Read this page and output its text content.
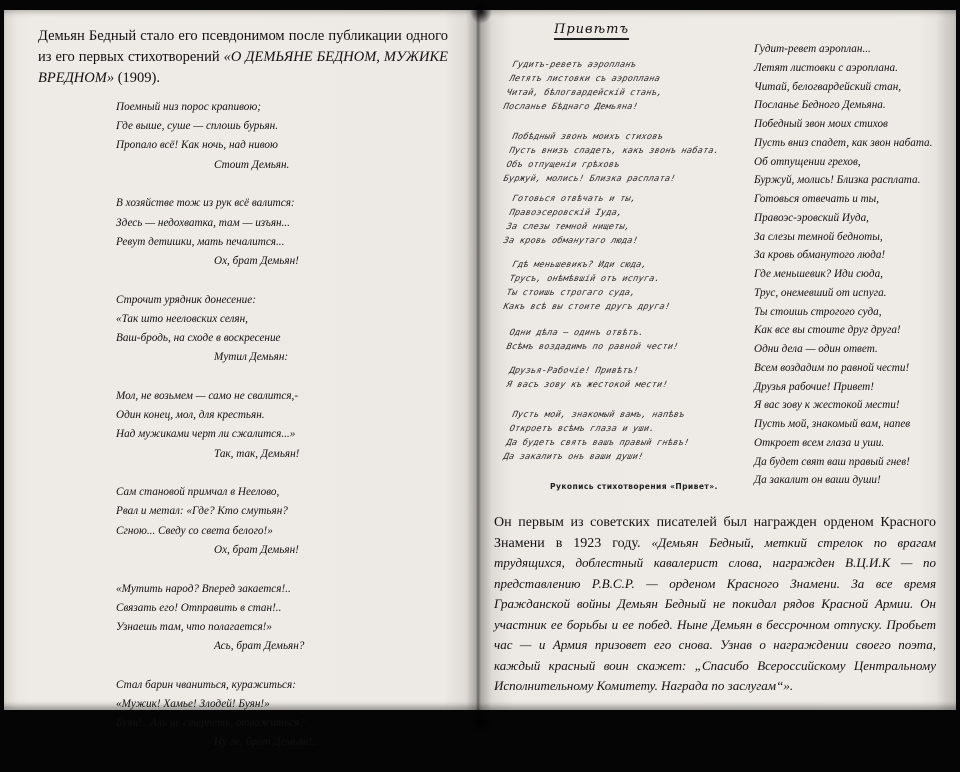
Демьян Бедный стало его псевдонимом после публикации одного из его первых стихотворений «О ДЕМЬЯНЕ БЕДНОМ, МУЖИКЕ ВРЕДНОМ» (1909).

Поемный низ порос крапивою;
Где выше, суше — сплошь бурьян.
Пропало всё! Как ночь, над нивою
Стоит Демьян.
В хозяйстве тож из рук всё валится:
Здесь — недохватка, там — изъян...
Ревут детишки, мать печалится...
Ох, брат Демьян!
Строчит урядник донесение:
«Так што нееловских селян,
Ваш-бродь, на сходе в воскресение
Мутил Демьян:
Мол, не возьмем — само не свалится,-
Один конец, мол, для крестьян.
Над мужиками черт ли сжалится...»
Так, так, Демьян!
Сам становой примчал в Неелово,
Рвал и метал: «Где? Кто смутьян?
Сгною... Сведу со света белого!»
Ох, брат Демьян!
«Мутить народ? Вперед закается!..
Связать его! Отправить в стан!..
Узнаешь там, что полагается!»
Ась, брат Демьян?
Стал барин чваниться, куражиться:
«Мужик! Хамье! Злодей! Буян!»
Буян!.. Аль не стерпеть, отважиться?
Ну ж, брат Демьян!..
Привѣтъ
Гудитъ-реветъ аэропланъ
Летятъ листовки съ аэроплана
Читай, бѣлогвардейскій станъ,
Посланье Бѣднаго Демьяна!
Побѣдный звонъ моихъ стиховъ
Пусть внизъ спадетъ, какъ звонъ набата.
Объ отпущеніи грѣховъ
Буржуй, молись! Близка расплата!
Готовься отвѣчать и ты,
Правоэсеровскій Іуда,
За слезы темной нищеты,
За кровь обманутаго люда!
Гдѣ меньшевикъ? Иди сюда,
Трусъ, онѣмѣвшій отъ испуга.
Ты стоишь строгаго суда,
Какъ всѣ вы стоите другъ друга!
Одни дѣла — одинъ отвѣтъ.
Всѣмъ воздадимъ по равной чести!
Друзья-Рабочіе! Привѣтъ!
Я васъ зову къ жестокой мести!
Пусть мой, знакомый вамъ, напѣвъ
Откроетъ всѣмъ глаза и уши.
Да будетъ святъ вашъ правый гнѣвъ!
Да закалитъ онъ ваши души!
Рукопись стихотворения «Привет».
Гудит-ревет аэроплан...
Летят листовки с аэроплана.
Читай, белогвардейский стан,
Посланье Бедного Демьяна.
Победный звон моих стихов
Пусть вниз спадет, как звон набата.
Об отпущении грехов,
Буржуй, молись! Близка расплата.
Готовься отвечать и ты,
Правоэс-эровский Иуда,
За слезы темной бедноты,
За кровь обманутого люда!
Где меньшевик? Иди сюда,
Трус, онемевший от испуга.
Ты стоишь строгого суда,
Как все вы стоите друг друга!
Одни дела — один ответ.
Всем воздадим по равной чести!
Друзья рабочие! Привет!
Я вас зову к жестокой мести!
Пусть мой, знакомый вам, напев
Откроет всем глаза и уши.
Да будет свят ваш правый гнев!
Да закалит он ваши души!

Он первым из советских писателей был награжден орденом Красного Знамени в 1923 году. «Демьян Бедный, меткий стрелок по врагам трудящихся, доблестный кавалерист слова, награжден В.Ц.И.К — по представлению Р.В.С.Р. — орденом Красного Знамени. За все время Гражданской войны Демьян Бедный не покидал рядов Красной Армии. Он участник ее борьбы и ее побед. Ныне Демьян в бессрочном отпуску. Пробьет час — и Армия призовет его снова. Узнав о награждении своего поэта, каждый красный воин скажет: „Спасибо Всероссийскому Центральному Исполнительному Комитету. Награда по заслугам“».
